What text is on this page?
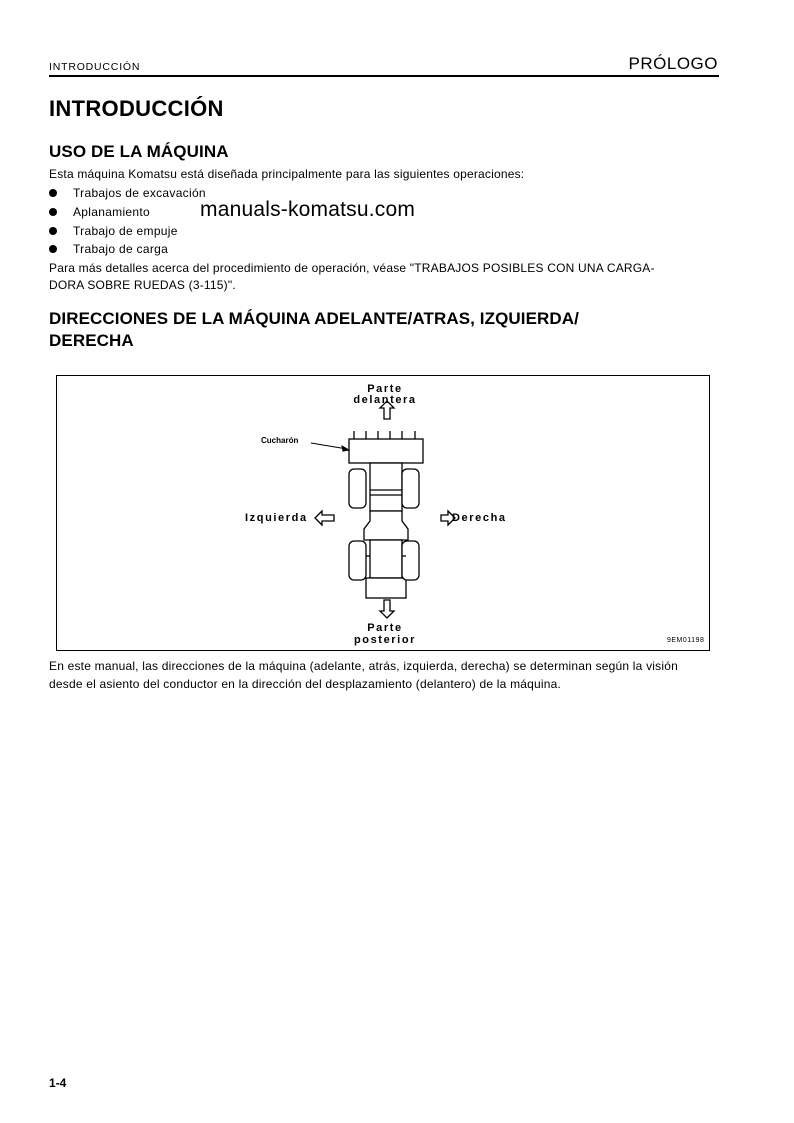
INTRODUCCIÓN	PRÓLOGO
INTRODUCCIÓN
USO DE LA MÁQUINA
Esta máquina Komatsu está diseñada principalmente para las siguientes operaciones:
Trabajos de excavación
Aplanamiento
Trabajo de empuje
Trabajo de carga
manuals-komatsu.com
Para más detalles acerca del procedimiento de operación, véase "TRABAJOS POSIBLES CON UNA CARGA-
DORA SOBRE RUEDAS (3-115)".
DIRECCIONES DE LA MÁQUINA ADELANTE/ATRAS, IZQUIERDA/
DERECHA
Parte
delantera
Parte
posterior
Izquierda	Derecha
Cucharón
9EM01198
En este manual, las direcciones de la máquina (adelante, atrás, izquierda, derecha) se determinan según la visión
desde el asiento del conductor en la dirección del desplazamiento (delantero) de la máquina.
1-4
